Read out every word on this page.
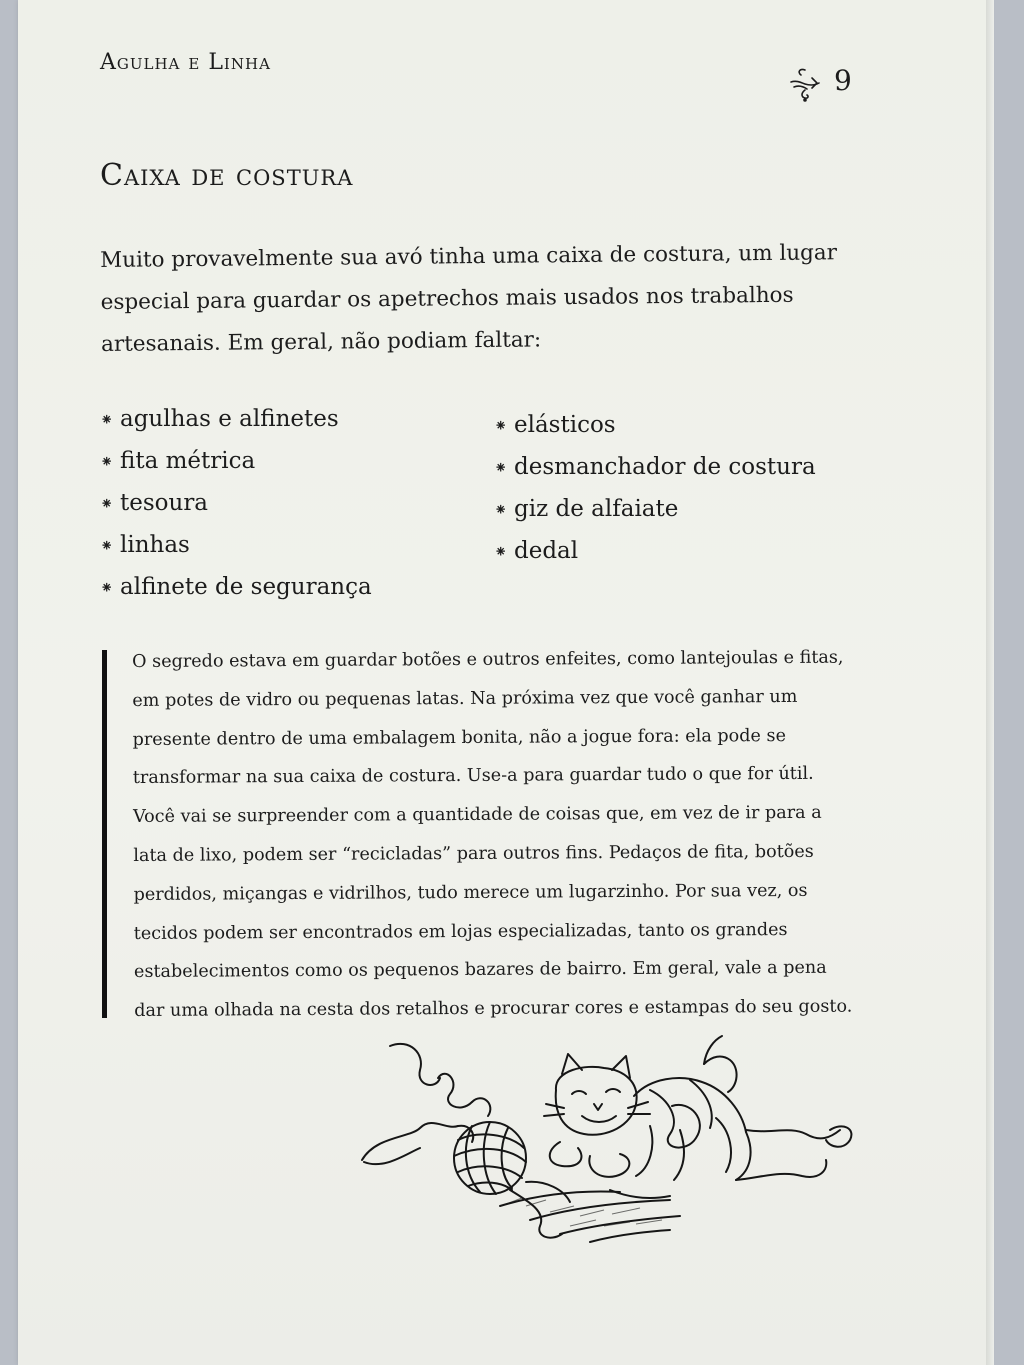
Agulha e Linha
9
Caixa de costura

Muito provavelmente sua avó tinha uma caixa de costura, um lugar especial para guardar os apetrechos mais usados nos trabalhos artesanais. Em geral, não podiam faltar:

⁕ agulhas e alfinetes
⁕ fita métrica
⁕ tesoura
⁕ linhas
⁕ alfinete de segurança
⁕ elásticos
⁕ desmanchador de costura
⁕ giz de alfaiate
⁕ dedal

O segredo estava em guardar botões e outros enfeites, como lantejoulas e fitas, em potes de vidro ou pequenas latas. Na próxima vez que você ganhar um presente dentro de uma embalagem bonita, não a jogue fora: ela pode se transformar na sua caixa de costura. Use-a para guardar tudo o que for útil. Você vai se surpreender com a quantidade de coisas que, em vez de ir para a lata de lixo, podem ser “recicladas” para outros fins. Pedaços de fita, botões perdidos, miçangas e vidrilhos, tudo merece um lugarzinho. Por sua vez, os tecidos podem ser encontrados em lojas especializadas, tanto os grandes estabelecimentos como os pequenos bazares de bairro. Em geral, vale a pena dar uma olhada na cesta dos retalhos e procurar cores e estampas do seu gosto.
